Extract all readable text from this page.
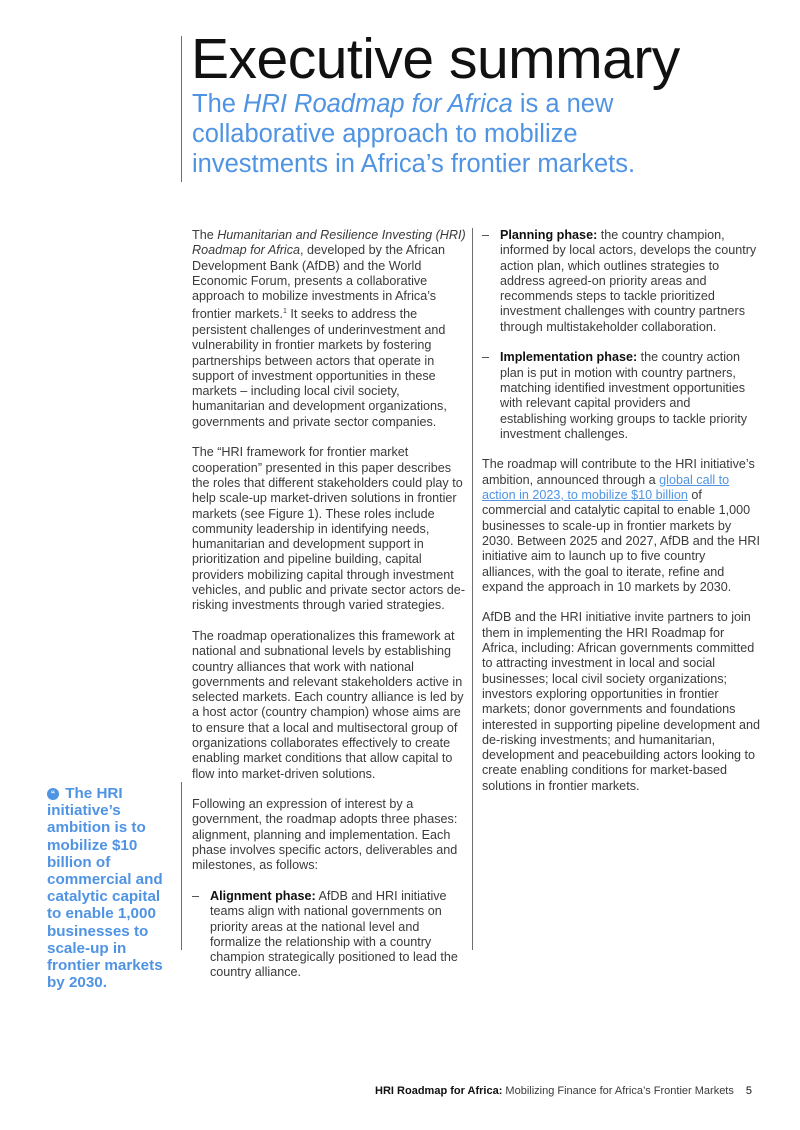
Executive summary

The HRI Roadmap for Africa is a new collaborative approach to mobilize investments in Africa’s frontier markets.

“ The HRI initiative’s ambition is to mobilize $10 billion of commercial and catalytic capital to enable 1,000 businesses to scale-up in frontier markets by 2030.

The Humanitarian and Resilience Investing (HRI) Roadmap for Africa, developed by the African Development Bank (AfDB) and the World Economic Forum, presents a collaborative approach to mobilize investments in Africa’s frontier markets.$^1$ It seeks to address the persistent challenges of underinvestment and vulnerability in frontier markets by fostering partnerships between actors that operate in support of investment opportunities in these markets – including local civil society, humanitarian and development organizations, governments and private sector companies.

The “HRI framework for frontier market cooperation” presented in this paper describes the roles that different stakeholders could play to help scale-up market-driven solutions in frontier markets (see Figure 1). These roles include community leadership in identifying needs, humanitarian and development support in prioritization and pipeline building, capital providers mobilizing capital through investment vehicles, and public and private sector actors de-risking investments through varied strategies.

The roadmap operationalizes this framework at national and subnational levels by establishing country alliances that work with national governments and relevant stakeholders active in selected markets. Each country alliance is led by a host actor (country champion) whose aims are to ensure that a local and multisectoral group of organizations collaborates effectively to create enabling market conditions that allow capital to flow into market-driven solutions.

Following an expression of interest by a government, the roadmap adopts three phases: alignment, planning and implementation. Each phase involves specific actors, deliverables and milestones, as follows:

– Alignment phase: AfDB and HRI initiative teams align with national governments on priority areas at the national level and formalize the relationship with a country champion strategically positioned to lead the country alliance.
– Planning phase: the country champion, informed by local actors, develops the country action plan, which outlines strategies to address agreed-on priority areas and recommends steps to tackle prioritized investment challenges with country partners through multistakeholder collaboration.
– Implementation phase: the country action plan is put in motion with country partners, matching identified investment opportunities with relevant capital providers and establishing working groups to tackle priority investment challenges.

The roadmap will contribute to the HRI initiative’s ambition, announced through a global call to action in 2023, to mobilize $10 billion of commercial and catalytic capital to enable 1,000 businesses to scale-up in frontier markets by 2030. Between 2025 and 2027, AfDB and the HRI initiative aim to launch up to five country alliances, with the goal to iterate, refine and expand the approach in 10 markets by 2030.

AfDB and the HRI initiative invite partners to join them in implementing the HRI Roadmap for Africa, including: African governments committed to attracting investment in local and social businesses; local civil society organizations; investors exploring opportunities in frontier markets; donor governments and foundations interested in supporting pipeline development and de-risking investments; and humanitarian, development and peacebuilding actors looking to create enabling conditions for market-based solutions in frontier markets.

HRI Roadmap for Africa: Mobilizing Finance for Africa’s Frontier Markets 5
